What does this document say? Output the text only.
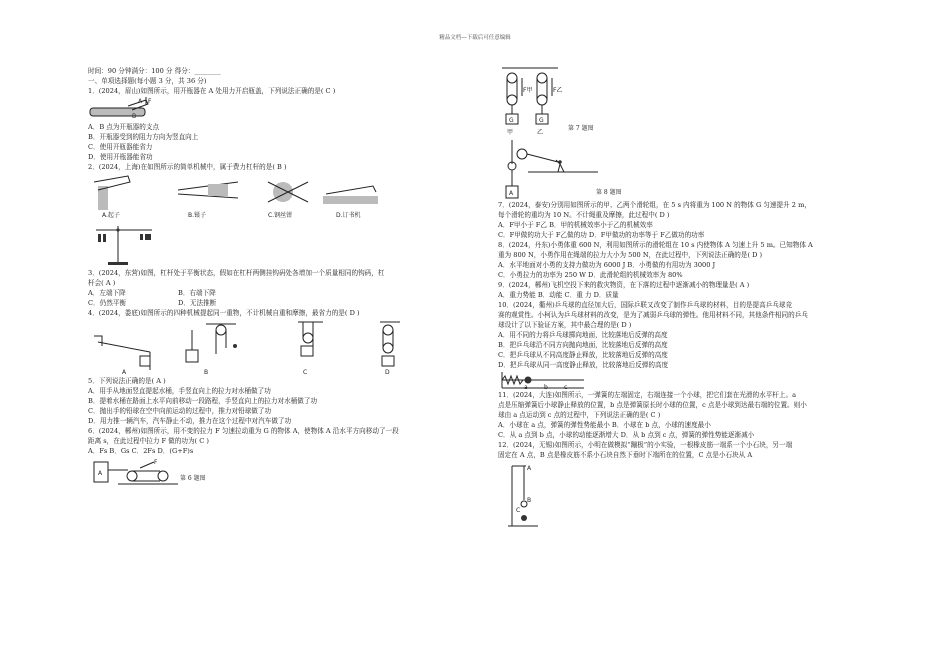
精品文档---下载后可任意编辑
时间：90 分钟满分：100 分 得分：________
一、单项选择题(每小题 3 分，共 36 分)
1．(2024，眉山)如图所示，用开瓶器在 A 处用力开启瓶盖，下列说法正确的是( C )
A F
B
A．B 点为开瓶器的支点
B．开瓶器受到的阻力方向为竖直向上
C．使用开瓶器能省力
D．使用开瓶器能省功
2．(2024，上海)在如图所示的简单机械中，属于费力杠杆的是( B )
A.起子	B.镊子	C.钢丝钳	D.订书机
3．(2024，东营)如图，杠杆处于平衡状态，假如在杠杆两侧挂钩码处各增加一个质量相同的钩码，杠
杆会( A )
A．左端下降	B．右端下降
C．仍然平衡	D．无法推断
4．(2024，娄底)如图所示的四种机械提起同一重物，不计机械自重和摩擦，最省力的是( D )
A	B	C	D
5．下列说法正确的是( A )
A．用手从地面竖直提起水桶，手竖直向上的拉力对水桶做了功
B．提着水桶在路面上水平向前移动一段路程，手竖直向上的拉力对水桶做了功
C．抛出手的铅球在空中向前运动的过程中，推力对铅球做了功
D．用力推一辆汽车，汽车静止不动，推力在这个过程中对汽车做了功
6．(2024，郴州)如图所示，用不变的拉力 F 匀速拉动重为 G 的物体 A，使物体 A 沿水平方向移动了一段
距离 s，在此过程中拉力 F 做的功为( C )
A．Fs B．Gs C．2Fs D．(G+F)s
A
F
第 6 题图
F甲	F乙
G	G
甲	乙
第 7 题图
A	第 8 题图
7．(2024，泰安)分别用如图所示的甲、乙两个滑轮组，在 5 s 内将重为 100 N 的物体 G 匀速提升 2 m，
每个滑轮的重均为 10 N。不计绳重及摩擦，此过程中( D )
A．F甲小于 F乙 B．甲的机械效率小于乙的机械效率
C．F甲做的功大于 F乙做的功 D．F甲做功的功率等于 F乙做功的功率
8．(2024，丹东)小勇体重 600 N，利用如图所示的滑轮组在 10 s 内使物体 A 匀速上升 5 m。已知物体 A
重为 800 N，小勇作用在绳端的拉力大小为 500 N，在此过程中，下列说法正确的是( D )
A．水平地面对小勇的支持力做功为 6000 J B．小勇做的有用功为 3000 J
C．小勇拉力的功率为 250 W D．此滑轮组的机械效率为 80%
9．(2024，郴州)飞机空投下来的救灾物资，在下落的过程中逐渐减小的物理量是( A )
A．重力势能 B．动能 C．重 力 D．质量
10．(2024，衢州)乒乓球的直径加大后，国际乒联又改变了制作乒乓球的材料，目的是提高乒乓球竞
赛的观赏性。小柯认为乒乓球材料的改变，是为了减弱乒乓球的弹性。他用材料不同，其他条件相同的乒乓
球设计了以下验证方案，其中最合理的是( D )
A．用不同的力将乒乓球掷向地面，比较落地后反弹的高度
B．把乒乓球沿不同方向抛向地面，比较落地后反弹的高度
C．把乒乓球从不同高度静止释放，比较落地后反弹的高度
D．把乒乓球从同一高度静止释放，比较落地后反弹的高度
a	b	c
11．(2024，大连)如图所示，一弹簧的左端固定，右端连接一个小球，把它们套在光滑的水平杆上。a
点是压缩弹簧后小球静止释放的位置，b 点是弹簧原长时小球的位置，c 点是小球到达最右端的位置。则小
球由 a 点运动到 c 点的过程中，下列说法正确的是( C )
A．小球在 a 点，弹簧的弹性势能最小 B．小球在 b 点，小球的速度最小
C．从 a 点到 b 点，小球的动能逐渐增大 D．从 b 点到 c 点，弹簧的弹性势能逐渐减小
12．(2024，无锡)如图所示，小明在做模拟“蹦极”的小实验，一根橡皮筋一端系一个小石块，另一端
固定在 A 点，B 点是橡皮筋不系小石块自然下垂时下端所在的位置，C 点是小石块从 A
A
B
C
